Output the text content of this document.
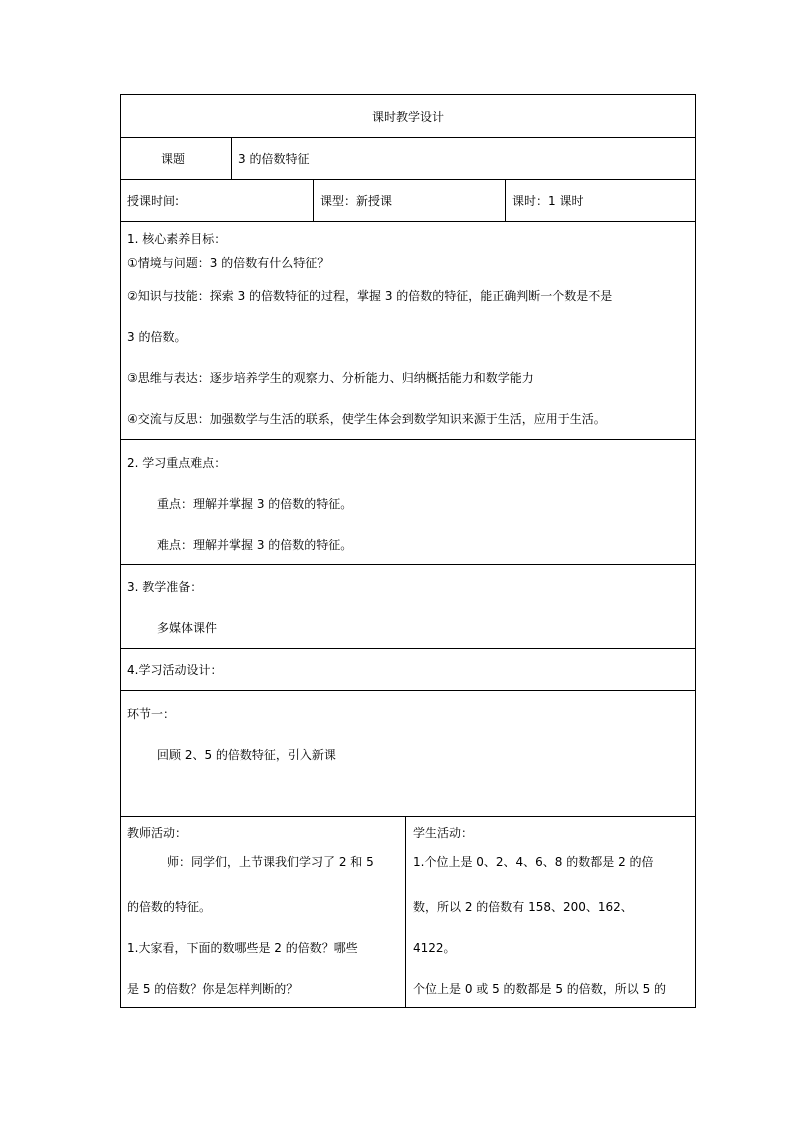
课时教学设计
课题	3 的倍数特征
授课时间:	课型：新授课	课时：1 课时
1. 核心素养目标：
①情境与问题：3 的倍数有什么特征？
②知识与技能：探索 3 的倍数特征的过程，掌握 3 的倍数的特征，能正确判断一个数是不是
3 的倍数。
③思维与表达：逐步培养学生的观察力、分析能力、归纳概括能力和数学能力
④交流与反思：加强数学与生活的联系，使学生体会到数学知识来源于生活，应用于生活。
2. 学习重点难点：
重点：理解并掌握 3 的倍数的特征。
难点：理解并掌握 3 的倍数的特征。
3. 教学准备：
多媒体课件
4.学习活动设计：
环节一：
回顾 2、5 的倍数特征，引入新课
教师活动：
师：同学们，上节课我们学习了 2 和 5
的倍数的特征。
1.大家看，下面的数哪些是 2 的倍数？哪些
是 5 的倍数？你是怎样判断的？
学生活动：
1.个位上是 0、2、4、6、8 的数都是 2 的倍
数，所以 2 的倍数有 158、200、162、
4122。
个位上是 0 或 5 的数都是 5 的倍数，所以 5 的
